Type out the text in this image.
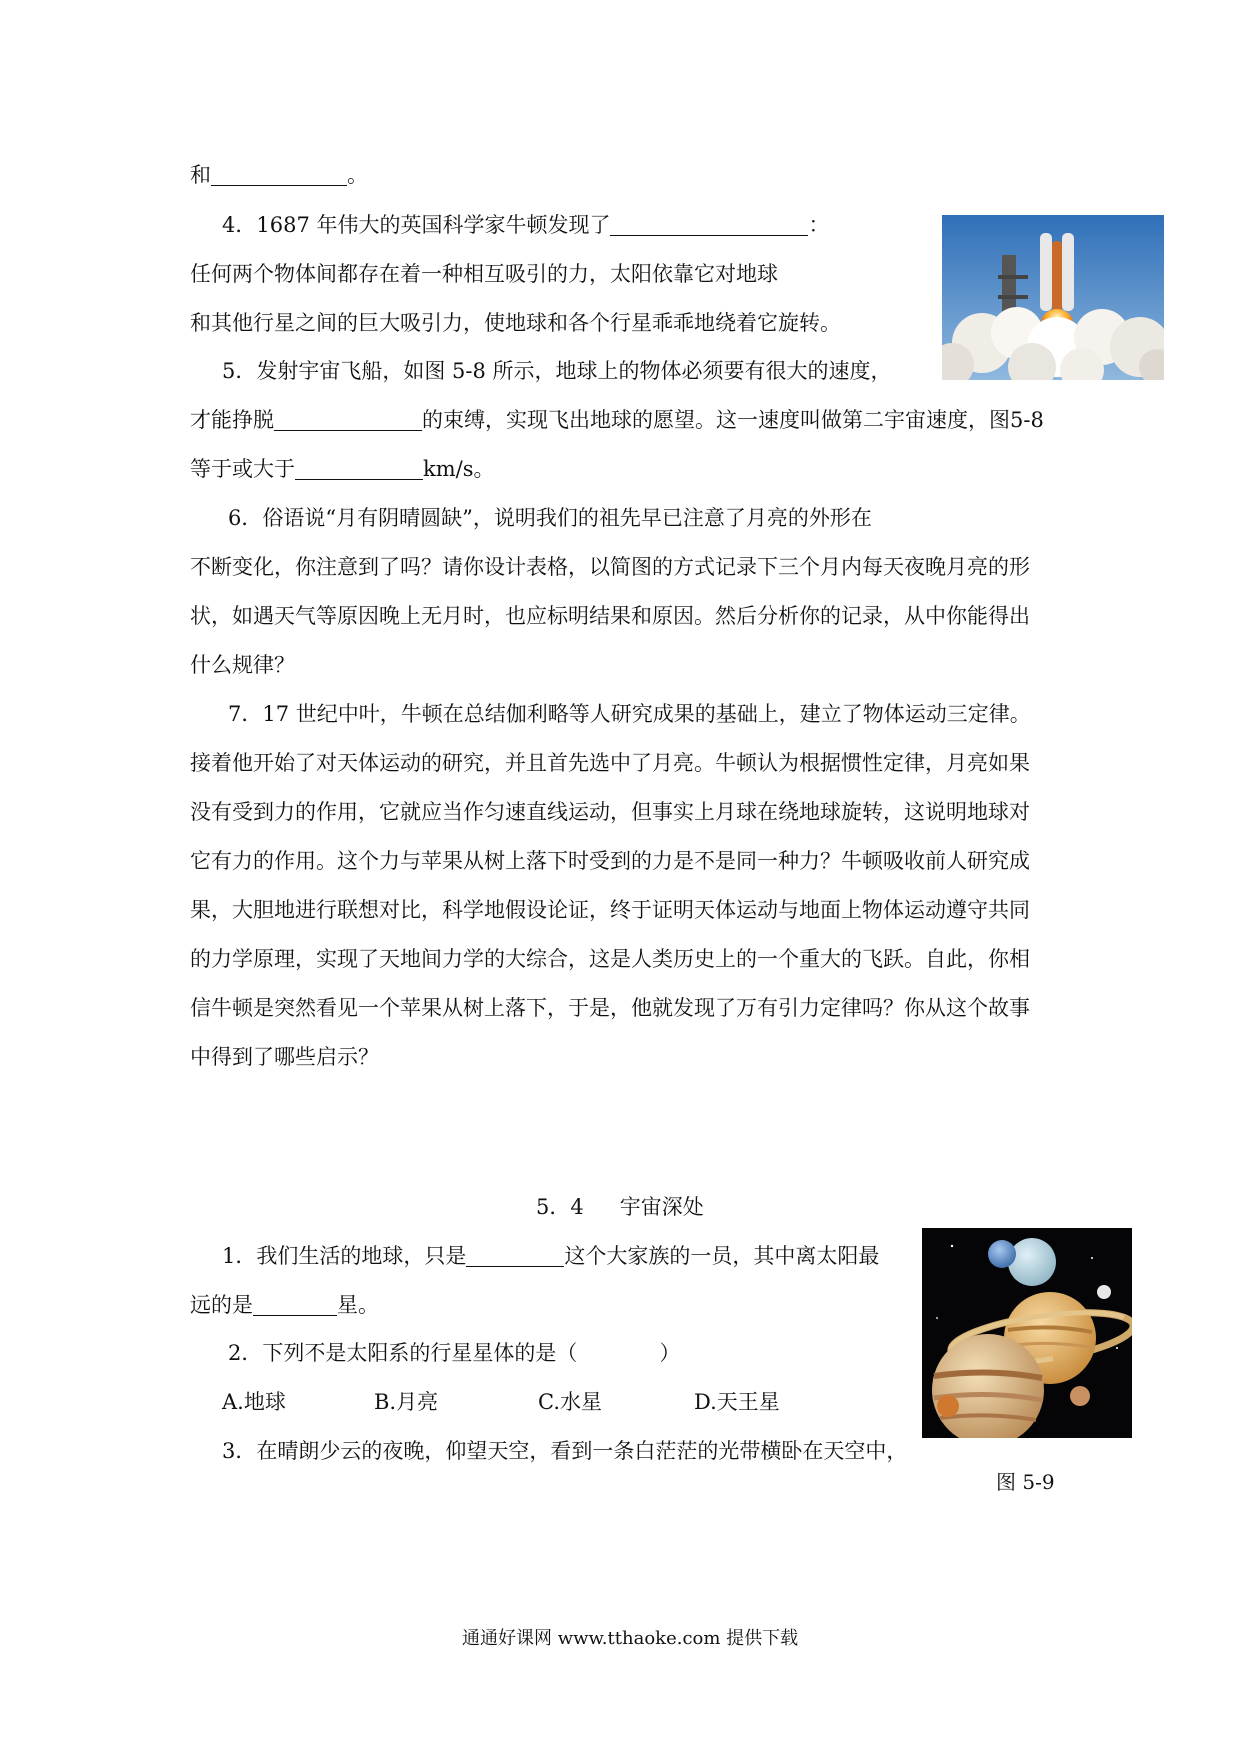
和	。
4．1687 年伟大的英国科学家牛顿发现了	：
任何两个物体间都存在着一种相互吸引的力，太阳依靠它对地球
和其他行星之间的巨大吸引力，使地球和各个行星乖乖地绕着它旋转。
5．发射宇宙飞船，如图 5-8 所示，地球上的物体必须要有很大的速度，
才能挣脱	的束缚，实现飞出地球的愿望。这一速度叫做第二宇宙速度，图5-8
等于或大于	km/s。
6．俗语说“月有阴晴圆缺”，说明我们的祖先早已注意了月亮的外形在
不断变化，你注意到了吗？请你设计表格，以简图的方式记录下三个月内每天夜晚月亮的形
状，如遇天气等原因晚上无月时，也应标明结果和原因。然后分析你的记录，从中你能得出
什么规律？
7．17 世纪中叶，牛顿在总结伽利略等人研究成果的基础上，建立了物体运动三定律。
接着他开始了对天体运动的研究，并且首先选中了月亮。牛顿认为根据惯性定律，月亮如果
没有受到力的作用，它就应当作匀速直线运动，但事实上月球在绕地球旋转，这说明地球对
它有力的作用。这个力与苹果从树上落下时受到的力是不是同一种力？牛顿吸收前人研究成
果，大胆地进行联想对比，科学地假设论证，终于证明天体运动与地面上物体运动遵守共同
的力学原理，实现了天地间力学的大综合，这是人类历史上的一个重大的飞跃。自此，你相
信牛顿是突然看见一个苹果从树上落下，于是，他就发现了万有引力定律吗？你从这个故事
中得到了哪些启示？
5．4 宇宙深处
图 5-9
1．我们生活的地球，只是	这个大家族的一员，其中离太阳最
远的是	星。
2．下列不是太阳系的行星星体的是（	）
A.地球	B.月亮	C.水星	D.天王星
3．在晴朗少云的夜晚，仰望天空，看到一条白茫茫的光带横卧在天空中，
通通好课网 www.tthaoke.com 提供下载
